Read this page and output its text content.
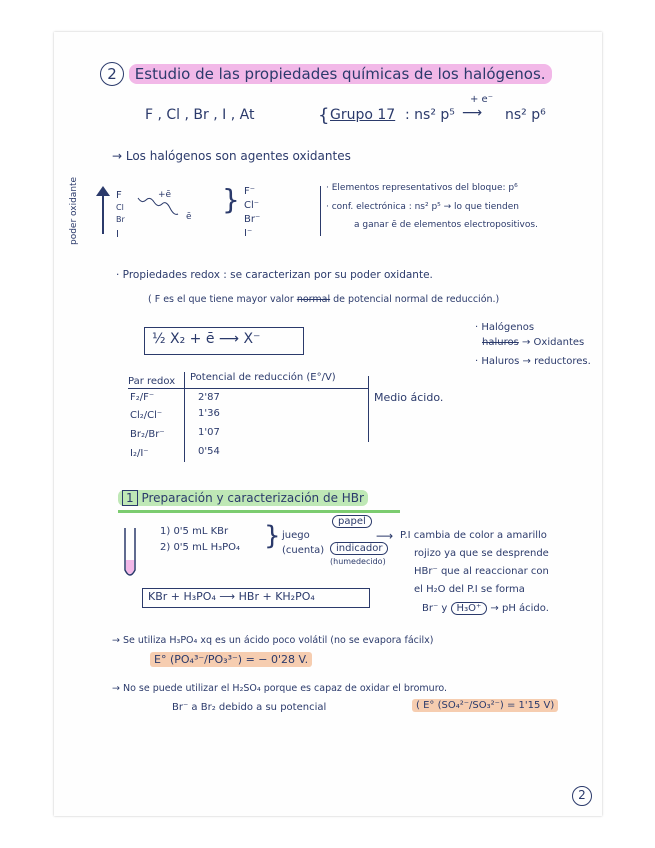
2 Estudio de las propiedades químicas de los halógenos.
F , Cl , Br , I , At	{ Grupo 17 : ns² p⁵
+ e⁻
⟶ ns² p⁶
→ Los halógenos son agentes oxidantes
poder oxidante	F
Cl
Br
I
+ē
ē
} F⁻
Cl⁻
Br⁻
I⁻
· Elementos representativos del bloque: p⁶
· conf. electrónica : ns² p⁵ → lo que tienden
a ganar ē de elementos electropositivos.
· Propiedades redox : se caracterizan por su poder oxidante.
( F es el que tiene mayor valor normal de potencial normal de reducción.)
½ X₂ + ē ⟶ X⁻
· Halógenos
haluros → Oxidantes
· Haluros → reductores.
Par redox Potencial de reducción (E°/V)
F₂/F⁻	2'87
Cl₂/Cl⁻	1'36
Br₂/Br⁻	1'07
I₂/I⁻	0'54
Medio ácido.
1 Preparación y caracterización de HBr
1) 0'5 mL KBr
2) 0'5 mL H₃PO₄ } juego
(cuenta)
papel
indicador
(humedecido)
⟶ P.I cambia de color a amarillo
rojizo ya que se desprende
HBr⁻ que al reaccionar con
el H₂O del P.I se forma
Br⁻ y H₃O⁺ → pH ácido.
KBr + H₃PO₄ ⟶ HBr + KH₂PO₄
→ Se utiliza H₃PO₄ xq es un ácido poco volátil (no se evapora fácilx)
E° (PO₄³⁻/PO₃³⁻) = − 0'28 V.
→ No se puede utilizar el H₂SO₄ porque es capaz de oxidar el bromuro.
Br⁻ a Br₂ debido a su potencial	( E° (SO₄²⁻/SO₃²⁻) = 1'15 V)
2
